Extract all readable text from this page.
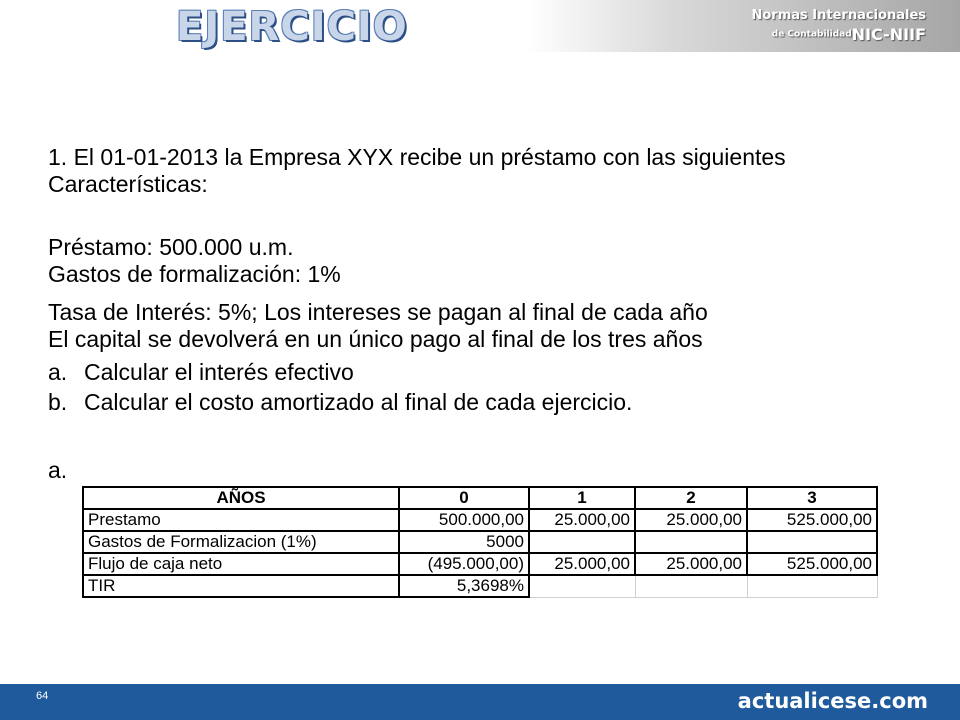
EJERCICIO	Normas Internacionales
de ContabilidadNIC-NIIF

1. El 01-01-2013 la Empresa XYX recibe un préstamo con las siguientes

Características:

Préstamo: 500.000 u.m.

Gastos de formalización: 1%

Tasa de Interés: 5%; Los intereses se pagan al final de cada año

El capital se devolverá en un único pago al final de los tres años

a. Calcular el interés efectivo
b. Calcular el costo amortizado al final de cada ejercicio.

a.

AÑOS	0	1	2	3
Prestamo	500.000,00	25.000,00	25.000,00	525.000,00
Gastos de Formalizacion (1%)	5000			
Flujo de caja neto	(495.000,00)	25.000,00	25.000,00	525.000,00
TIR	5,3698%			
64	actualicese.com
